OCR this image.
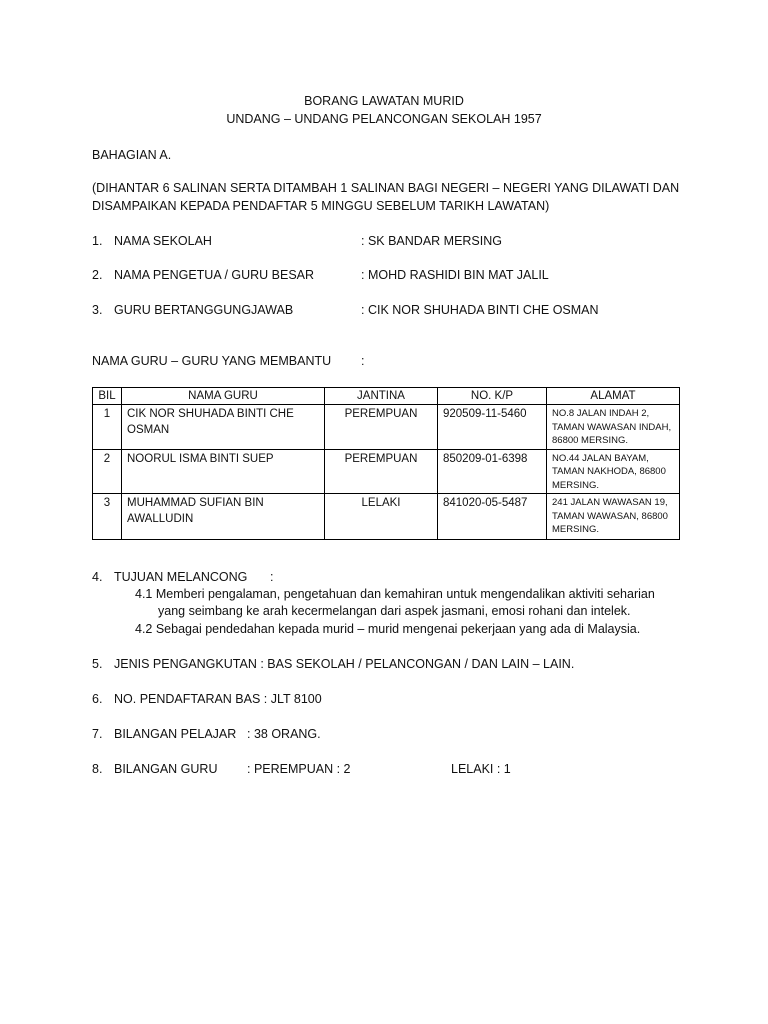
BORANG LAWATAN MURID
UNDANG – UNDANG PELANCONGAN SEKOLAH 1957
BAHAGIAN A.
(DIHANTAR 6 SALINAN SERTA DITAMBAH 1 SALINAN BAGI NEGERI – NEGERI YANG DILAWATI DAN
DISAMPAIKAN KEPADA PENDAFTAR 5 MINGGU SEBELUM TARIKH LAWATAN)
1. NAMA SEKOLAH	: SK BANDAR MERSING
2. NAMA PENGETUA / GURU BESAR	: MOHD RASHIDI BIN MAT JALIL
3. GURU BERTANGGUNGJAWAB	: CIK NOR SHUHADA BINTI CHE OSMAN
NAMA GURU – GURU YANG MEMBANTU :
BIL	NAMA GURU	JANTINA	NO. K/P	ALAMAT
1	CIK NOR SHUHADA BINTI CHE OSMAN	PEREMPUAN	920509-11-5460	NO.8 JALAN INDAH 2, TAMAN WAWASAN INDAH, 86800 MERSING.
2	NOORUL ISMA BINTI SUEP	PEREMPUAN	850209-01-6398	NO.44 JALAN BAYAM, TAMAN NAKHODA, 86800 MERSING.
3	MUHAMMAD SUFIAN BIN AWALLUDIN	LELAKI	841020-05-5487	241 JALAN WAWASAN 19, TAMAN WAWASAN, 86800 MERSING.
4. TUJUAN MELANCONG :
4.1 Memberi pengalaman, pengetahuan dan kemahiran untuk mengendalikan aktiviti seharian
yang seimbang ke arah kecermelangan dari aspek jasmani, emosi rohani dan intelek.
4.2 Sebagai pendedahan kepada murid – murid mengenai pekerjaan yang ada di Malaysia.
5. JENIS PENGANGKUTAN : BAS SEKOLAH / PELANCONGAN / DAN LAIN – LAIN.
6. NO. PENDAFTARAN BAS : JLT 8100
7. BILANGAN PELAJAR : 38 ORANG.
8. BILANGAN GURU : PEREMPUAN : 2	LELAKI : 1
